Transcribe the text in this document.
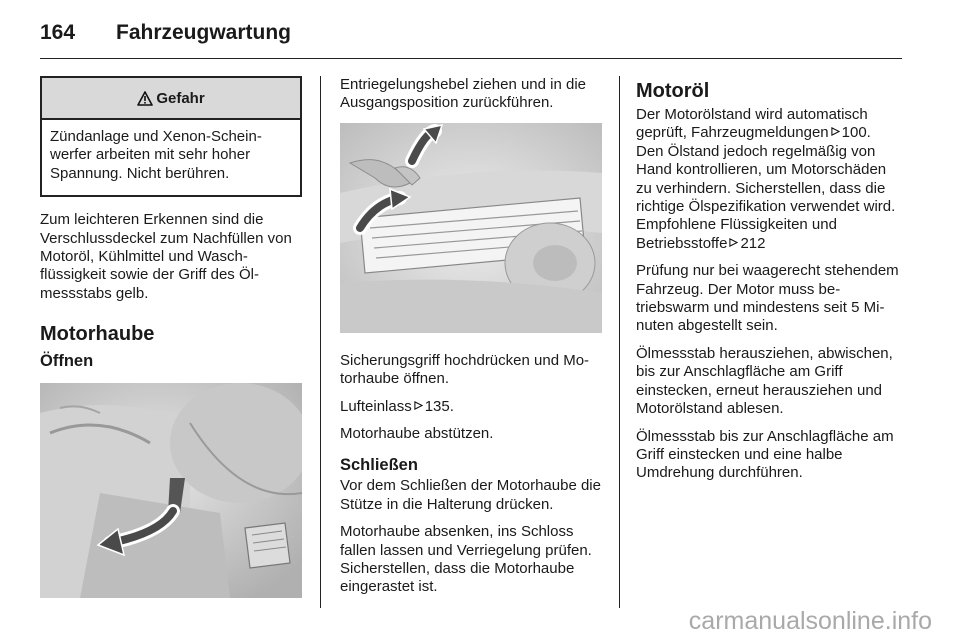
164	Fahrzeugwartung
Gefahr

Zündanlage und Xenon-Scheinwerfer arbeiten mit sehr hoher Spannung. Nicht berühren.

Zum leichteren Erkennen sind die Verschlussdeckel zum Nachfüllen von Motoröl, Kühlmittel und Waschflüssigkeit sowie der Griff des Ölmessstabs gelb.

Motorhaube
Öffnen

Entriegelungshebel ziehen und in die Ausgangsposition zurückführen.

Sicherungsgriff hochdrücken und Motorhaube öffnen.

Lufteinlass 135.

Motorhaube abstützen.

Schließen

Vor dem Schließen der Motorhaube die Stütze in die Halterung drücken.

Motorhaube absenken, ins Schloss fallen lassen und Verriegelung prüfen. Sicherstellen, dass die Motorhaube eingerastet ist.

Motoröl

Der Motorölstand wird automatisch geprüft, Fahrzeugmeldungen 100. Den Ölstand jedoch regelmäßig von Hand kontrollieren, um Motorschäden zu verhindern. Sicherstellen, dass die richtige Ölspezifikation verwendet wird. Empfohlene Flüssigkeiten und Betriebsstoffe 212

Prüfung nur bei waagerecht stehendem Fahrzeug. Der Motor muss betriebswarm und mindestens seit 5 Minuten abgestellt sein.

Ölmessstab herausziehen, abwischen, bis zur Anschlagfläche am Griff einstecken, erneut herausziehen und Motorölstand ablesen.

Ölmessstab bis zur Anschlagfläche am Griff einstecken und eine halbe Umdrehung durchführen.

carmanualsonline.info
